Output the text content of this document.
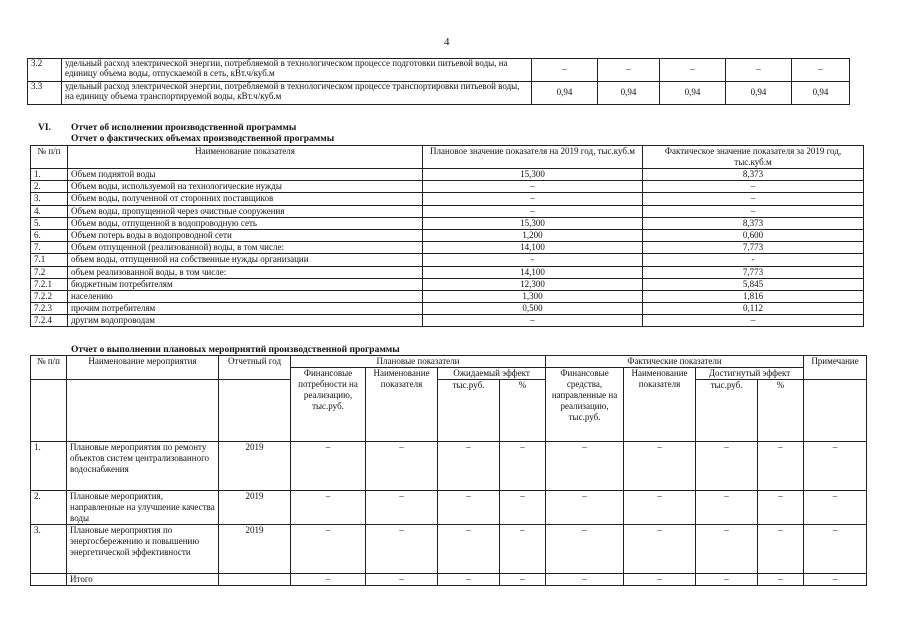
4
3.2	удельный расход электрической энергии, потребляемой в технологическом процессе подготовки питьевой воды, на единицу объема воды, отпускаемой в сеть, кВт.ч/куб.м	–	–	–	–	–
3.3	удельный расход электрической энергии, потребляемой в технологическом процессе транспортировки питьевой воды, на единицу объема транспортируемой воды, кВт.ч/куб.м	0,94	0,94	0,94	0,94	0,94
VI. Отчет об исполнении производственной программы
Отчет о фактических объемах производственной программы
№ п/п	Наименование показателя	Плановое значение показателя на 2019 год, тыс.куб.м	Фактическое значение показателя за 2019 год, тыс.куб.м
1.	Объем поднятой воды	15,300	8,373
2.	Объем воды, используемой на технологические нужды	–	–
3.	Объем воды, полученной от сторонних поставщиков	–	–
4.	Объем воды, пропущенной через очистные сооружения	–	–
5.	Объем воды, отпущенной в водопроводную сеть	15,300	8,373
6.	Объем потерь воды в водопроводной сети	1,200	0,600
7.	Объем отпущенной (реализованной) воды, в том числе:	14,100	7,773
7.1	объем воды, отпущенной на собственные нужды организации	-	-
7.2	объем реализованной воды, в том числе:	14,100	7,773
7.2.1	бюджетным потребителям	12,300	5,845
7.2.2	населению	1,300	1,816
7.2.3	прочим потребителям	0,500	0,112
7.2.4	другим водопроводам	–	–
Отчет о выполнении плановых мероприятий производственной программы
№ п/п	Наименование мероприятия	Отчетный год	Плановые показатели				Фактические показатели				Примечание
			Финансовые потребности на реализацию, тыс.руб.	Наименование показателя	Ожидаемый эффект		Финансовые средства, направленные на реализацию, тыс.руб.	Наименование показателя	Достигнутый эффект		
					тыс.руб.	%			тыс.руб.	%	
1.	Плановые мероприятия по ремонту объектов систем централизованного водоснабжения	2019	–	–	–	–	–	–	–	–	–
2.	Плановые мероприятия, направленные на улучшение качества воды	2019	–	–	–	–	–	–	–	–	–
3.	Плановые мероприятия по энергосбережению и повышению энергетической эффективности	2019	–	–	–	–	–	–	–	–	–
	Итого		–	–	–	–	–	–	–	–	–
